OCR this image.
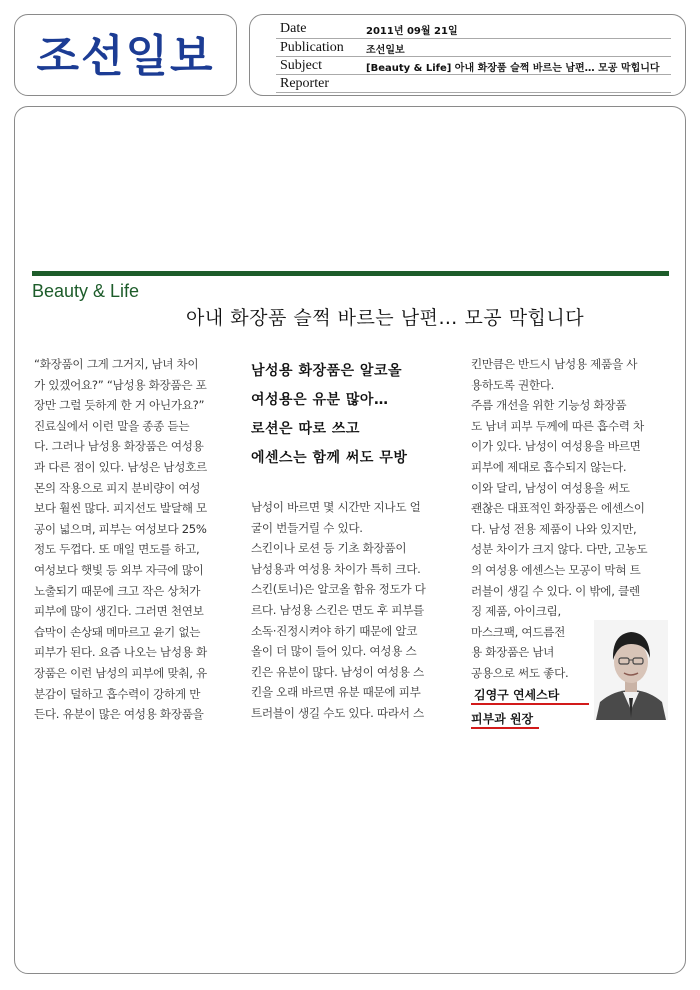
조선일보
Date	2011년 09월 21일
Publication 조선일보
Subject	[Beauty & Life] 아내 화장품 슬쩍 바르는 남편… 모공 막힙니다
Reporter
Beauty & Life
아내 화장품 슬쩍 바르는 남편… 모공 막힙니다
남성용 화장품은 알코올
여성용은 유분 많아…
로션은 따로 쓰고
에센스는 함께 써도 무방
“화장품이 그게 그거지, 남녀 차이
가 있겠어요?” “남성용 화장품은 포
장만 그럴 듯하게 한 거 아닌가요?”
진료실에서 이런 말을 종종 듣는
다. 그러나 남성용 화장품은 여성용
과 다른 점이 있다. 남성은 남성호르
몬의 작용으로 피지 분비량이 여성
보다 훨씬 많다. 피지선도 발달해 모
공이 넓으며, 피부는 여성보다 25%
정도 두껍다. 또 매일 면도를 하고,
여성보다 햇빛 등 외부 자극에 많이
노출되기 때문에 크고 작은 상처가
피부에 많이 생긴다. 그러면 천연보
습막이 손상돼 메마르고 윤기 없는
피부가 된다. 요즘 나오는 남성용 화
장품은 이런 남성의 피부에 맞춰, 유
분감이 덜하고 흡수력이 강하게 만
든다. 유분이 많은 여성용 화장품을
남성이 바르면 몇 시간만 지나도 얼
굴이 번들거릴 수 있다.
스킨이나 로션 등 기초 화장품이
남성용과 여성용 차이가 특히 크다.
스킨(토너)은 알코올 함유 정도가 다
르다. 남성용 스킨은 면도 후 피부를
소독·진정시켜야 하기 때문에 알코
올이 더 많이 들어 있다. 여성용 스
킨은 유분이 많다. 남성이 여성용 스
킨을 오래 바르면 유분 때문에 피부
트러블이 생길 수도 있다. 따라서 스
킨만큼은 반드시 남성용 제품을 사
용하도록 권한다.
주름 개선을 위한 기능성 화장품
도 남녀 피부 두께에 따른 흡수력 차
이가 있다. 남성이 여성용을 바르면
피부에 제대로 흡수되지 않는다.
이와 달리, 남성이 여성용을 써도
괜찮은 대표적인 화장품은 에센스이
다. 남성 전용 제품이 나와 있지만,
성분 차이가 크지 않다. 다만, 고농도
의 여성용 에센스는 모공이 막혀 트
러블이 생길 수 있다. 이 밖에, 클렌
징 제품, 아이크림,
마스크팩, 여드름전
용 화장품은 남녀
공용으로 써도 좋다.
김영구 연세스타
피부과 원장
